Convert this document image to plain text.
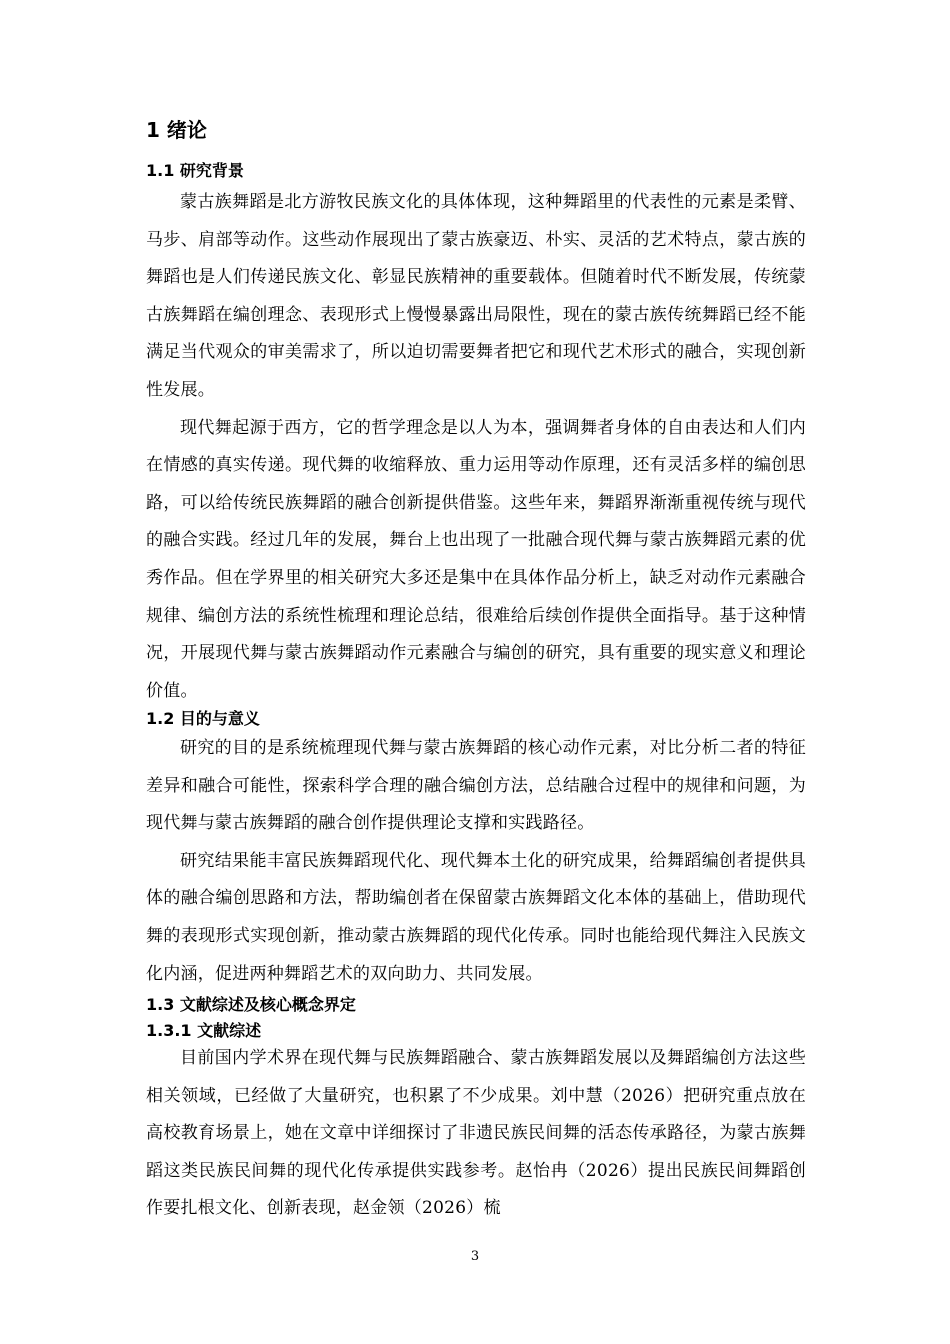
1 绪论
1.1 研究背景

蒙古族舞蹈是北方游牧民族文化的具体体现，这种舞蹈里的代表性的元素是柔臂、马步、肩部等动作。这些动作展现出了蒙古族豪迈、朴实、灵活的艺术特点，蒙古族的舞蹈也是人们传递民族文化、彰显民族精神的重要载体。但随着时代不断发展，传统蒙古族舞蹈在编创理念、表现形式上慢慢暴露出局限性，现在的蒙古族传统舞蹈已经不能满足当代观众的审美需求了，所以迫切需要舞者把它和现代艺术形式的融合，实现创新性发展。

现代舞起源于西方，它的哲学理念是以人为本，强调舞者身体的自由表达和人们内在情感的真实传递。现代舞的收缩释放、重力运用等动作原理，还有灵活多样的编创思路，可以给传统民族舞蹈的融合创新提供借鉴。这些年来，舞蹈界渐渐重视传统与现代的融合实践。经过几年的发展，舞台上也出现了一批融合现代舞与蒙古族舞蹈元素的优秀作品。但在学界里的相关研究大多还是集中在具体作品分析上，缺乏对动作元素融合规律、编创方法的系统性梳理和理论总结，很难给后续创作提供全面指导。基于这种情况，开展现代舞与蒙古族舞蹈动作元素融合与编创的研究，具有重要的现实意义和理论价值。

1.2 目的与意义

研究的目的是系统梳理现代舞与蒙古族舞蹈的核心动作元素，对比分析二者的特征差异和融合可能性，探索科学合理的融合编创方法，总结融合过程中的规律和问题，为现代舞与蒙古族舞蹈的融合创作提供理论支撑和实践路径。

研究结果能丰富民族舞蹈现代化、现代舞本土化的研究成果，给舞蹈编创者提供具体的融合编创思路和方法，帮助编创者在保留蒙古族舞蹈文化本体的基础上，借助现代舞的表现形式实现创新，推动蒙古族舞蹈的现代化传承。同时也能给现代舞注入民族文化内涵，促进两种舞蹈艺术的双向助力、共同发展。

1.3 文献综述及核心概念界定
1.3.1 文献综述

目前国内学术界在现代舞与民族舞蹈融合、蒙古族舞蹈发展以及舞蹈编创方法这些相关领域，已经做了大量研究，也积累了不少成果。刘中慧（2026）把研究重点放在高校教育场景上，她在文章中详细探讨了非遗民族民间舞的活态传承路径，为蒙古族舞蹈这类民族民间舞的现代化传承提供实践参考。赵怡冉（2026）提出民族民间舞蹈创作要扎根文化、创新表现，赵金领（2026）梳

3
